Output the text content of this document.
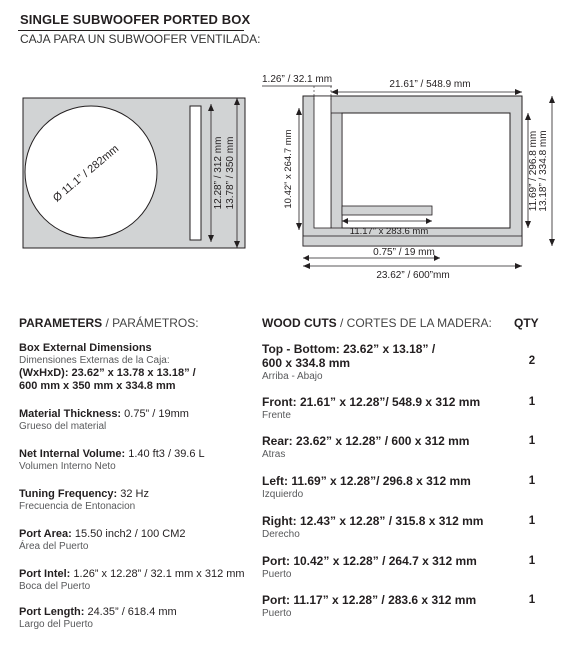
SINGLE SUBWOOFER PORTED BOX
CAJA PARA UN SUBWOOFER VENTILADA:
Ø 11.1” / 282mm	12.28” / 312 mm 13.78” / 350 mm
1.26” / 32.1 mm	21.61” / 548.9 mm
10.42” x 264.7 mm
11.17” x 283.6 mm
11.69” / 296.8 mm 13.18” / 334.8 mm
0.75” / 19 mm
23.62” / 600”mm
PARAMETERS / PARÁMETROS:
Box External Dimensions
Dimensiones Externas de la Caja:
(WxHxD): 23.62” x 13.78 x 13.18” /
600 mm x 350 mm x 334.8 mm
Material Thickness: 0.75” / 19mm
Grueso del material
Net Internal Volume: 1.40 ft3 / 39.6 L
Volumen Interno Neto
Tuning Frequency: 32 Hz
Frecuencia de Entonacion
Port Area: 15.50 inch2 / 100 CM2
Área del Puerto
Port Intel: 1.26” x 12.28” / 32.1 mm x 312 mm
Boca del Puerto
Port Length: 24.35” / 618.4 mm
Largo del Puerto
WOOD CUTS / CORTES DE LA MADERA: QTY
Top - Bottom: 23.62” x 13.18” /
600 x 334.8 mm
Arriba - Abajo
2
Front: 21.61” x 12.28”/ 548.9 x 312 mm
Frente
1
Rear: 23.62” x 12.28” / 600 x 312 mm
Atras
1
Left: 11.69” x 12.28”/ 296.8 x 312 mm
Izquierdo
1
Right: 12.43” x 12.28” / 315.8 x 312 mm
Derecho
1
Port: 10.42” x 12.28” / 264.7 x 312 mm
Puerto
1
Port: 11.17” x 12.28” / 283.6 x 312 mm
Puerto
1
